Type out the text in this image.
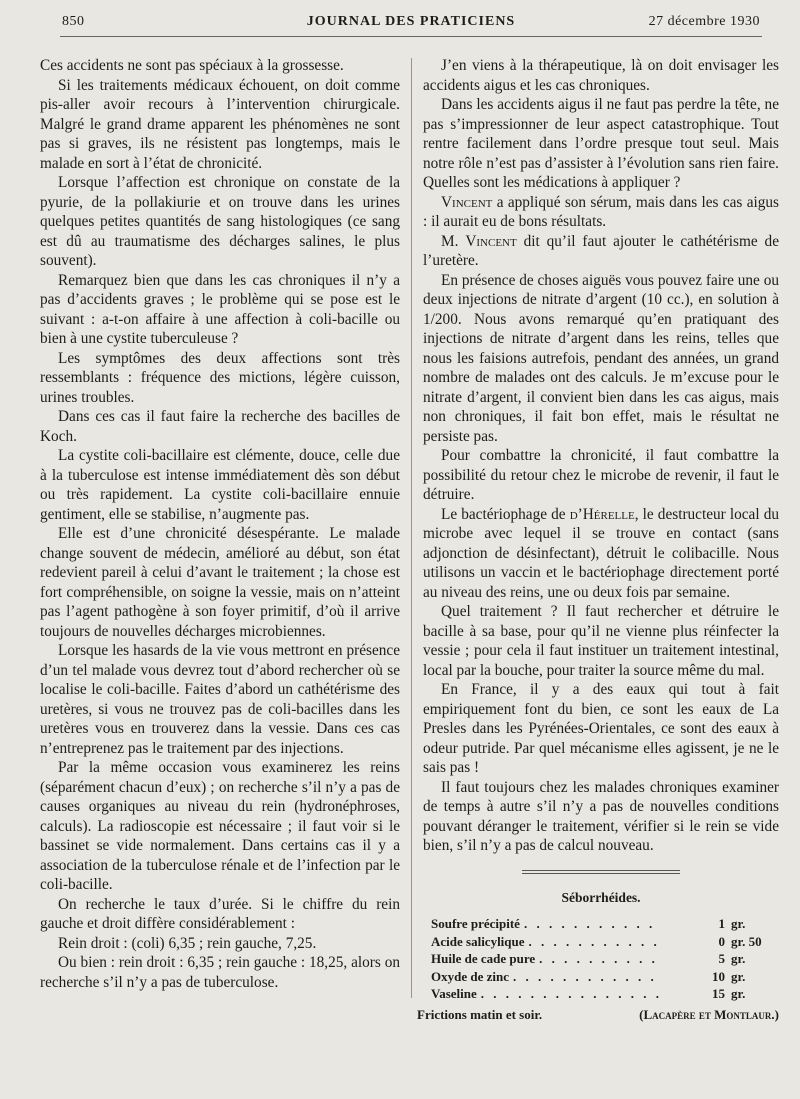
850	JOURNAL DES PRATICIENS	27 décembre 1930

Ces accidents ne sont pas spéciaux à la grossesse.

Si les traitements médicaux échouent, on doit comme pis-aller avoir recours à l’intervention chirurgicale. Malgré le grand drame apparent les phénomènes ne sont pas si graves, ils ne résistent pas longtemps, mais le malade en sort à l’état de chronicité.

Lorsque l’affection est chronique on constate de la pyurie, de la pollakiurie et on trouve dans les urines quelques petites quantités de sang histologiques (ce sang est dû au traumatisme des décharges salines, le plus souvent).

Remarquez bien que dans les cas chroniques il n’y a pas d’accidents graves ; le problème qui se pose est le suivant : a-t-on affaire à une affection à coli-bacille ou bien à une cystite tuberculeuse ?

Les symptômes des deux affections sont très ressemblants : fréquence des mictions, légère cuisson, urines troubles.

Dans ces cas il faut faire la recherche des bacilles de Koch.

La cystite coli-bacillaire est clémente, douce, celle due à la tuberculose est intense immédiatement dès son début ou très rapidement. La cystite coli-bacillaire ennuie gentiment, elle se stabilise, n’augmente pas.

Elle est d’une chronicité désespérante. Le malade change souvent de médecin, amélioré au début, son état redevient pareil à celui d’avant le traitement ; la chose est fort compréhensible, on soigne la vessie, mais on n’atteint pas l’agent pathogène à son foyer primitif, d’où il arrive toujours de nouvelles décharges microbiennes.

Lorsque les hasards de la vie vous mettront en présence d’un tel malade vous devrez tout d’abord rechercher où se localise le coli-bacille. Faites d’abord un cathétérisme des uretères, si vous ne trouvez pas de coli-bacilles dans les uretères vous en trouverez dans la vessie. Dans ces cas n’entreprenez pas le traitement par des injections.

Par la même occasion vous examinerez les reins (séparément chacun d’eux) ; on recherche s’il n’y a pas de causes organiques au niveau du rein (hydronéphroses, calculs). La radioscopie est nécessaire ; il faut voir si le bassinet se vide normalement. Dans certains cas il y a association de la tuberculose rénale et de l’infection par le coli-bacille.

On recherche le taux d’urée. Si le chiffre du rein gauche et droit diffère considérablement :

Rein droit : (coli) 6,35 ; rein gauche, 7,25.

Ou bien : rein droit : 6,35 ; rein gauche : 18,25, alors on recherche s’il n’y a pas de tuberculose.

J’en viens à la thérapeutique, là on doit envisager les accidents aigus et les cas chroniques.

Dans les accidents aigus il ne faut pas perdre la tête, ne pas s’impressionner de leur aspect catastrophique. Tout rentre facilement dans l’ordre presque tout seul. Mais notre rôle n’est pas d’assister à l’évolution sans rien faire. Quelles sont les médications à appliquer ?

Vincent a appliqué son sérum, mais dans les cas aigus : il aurait eu de bons résultats.

M. Vincent dit qu’il faut ajouter le cathétérisme de l’uretère.

En présence de choses aiguës vous pouvez faire une ou deux injections de nitrate d’argent (10 cc.), en solution à 1/200. Nous avons remarqué qu’en pratiquant des injections de nitrate d’argent dans les reins, telles que nous les faisions autrefois, pendant des années, un grand nombre de malades ont des calculs. Je m’excuse pour le nitrate d’argent, il convient bien dans les cas aigus, mais non chroniques, il fait bon effet, mais le résultat ne persiste pas.

Pour combattre la chronicité, il faut combattre la possibilité du retour chez le microbe de revenir, il faut le détruire.

Le bactériophage de d’Hérelle, le destructeur local du microbe avec lequel il se trouve en contact (sans adjonction de désinfectant), détruit le colibacille. Nous utilisons un vaccin et le bactériophage directement porté au niveau des reins, une ou deux fois par semaine.

Quel traitement ? Il faut rechercher et détruire le bacille à sa base, pour qu’il ne vienne plus réinfecter la vessie ; pour cela il faut instituer un traitement intestinal, local par la bouche, pour traiter la source même du mal.

En France, il y a des eaux qui tout à fait empiriquement font du bien, ce sont les eaux de La Presles dans les Pyrénées-Orientales, ce sont des eaux à odeur putride. Par quel mécanisme elles agissent, je ne le sais pas !

Il faut toujours chez les malades chroniques examiner de temps à autre s’il n’y a pas de nouvelles conditions pouvant déranger le traitement, vérifier si le rein se vide bien, s’il n’y a pas de calcul nouveau.

Séborrhéides.
Soufre précipité . . .	1 gr.
Acide salicylique . . .	0 gr. 50
Huile de cade pure . . .	5 gr.
Oxyde de zinc . . .	10 gr.
Vaseline . . .	15 gr.
Frictions matin et soir.	(Lacapère et Montlaur.)
